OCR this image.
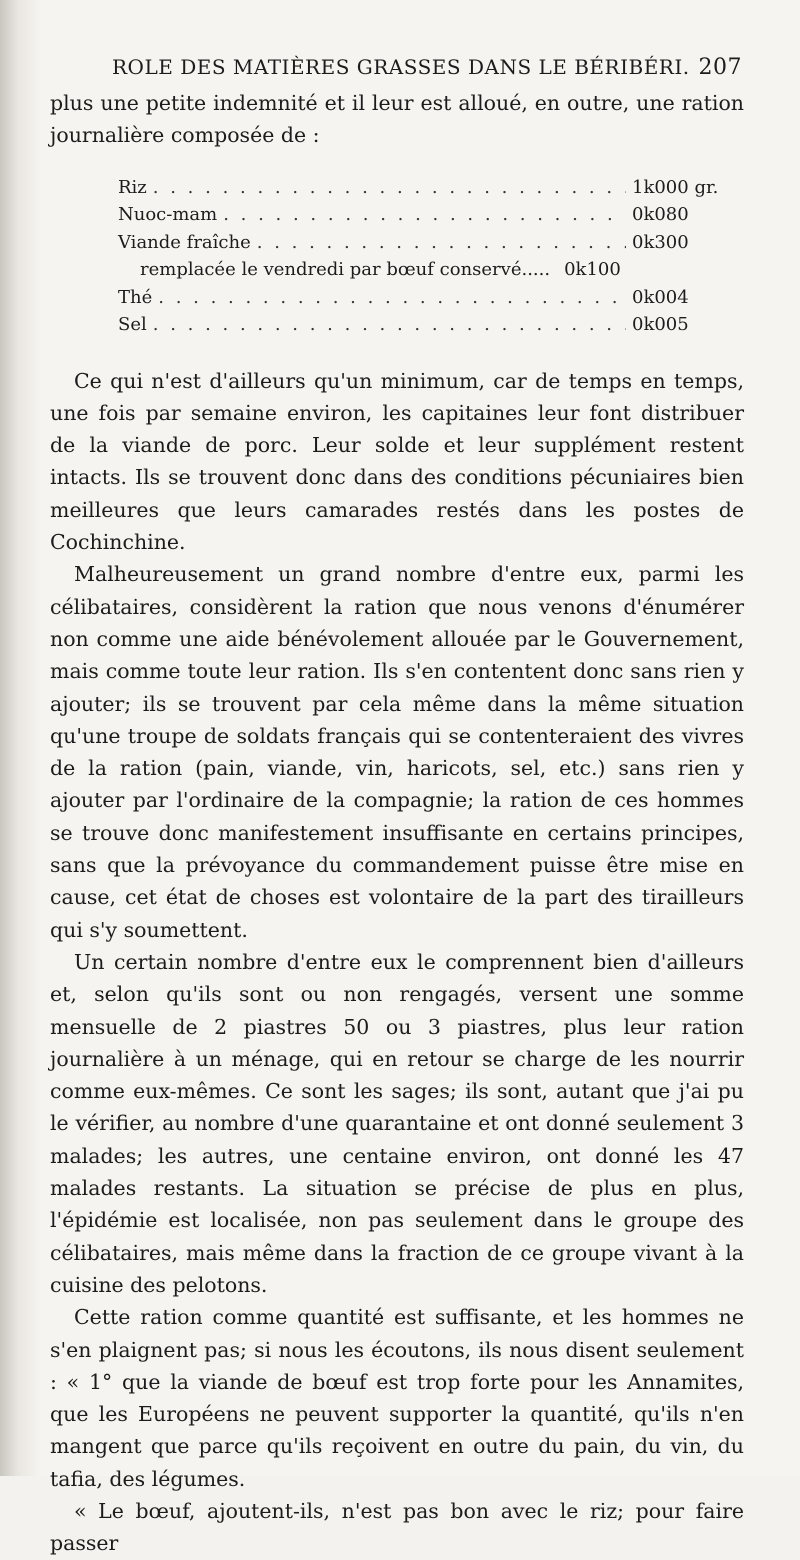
ROLE DES MATIÈRES GRASSES DANS LE BÉRIBÉRI. 207

plus une petite indemnité et il leur est alloué, en outre, une ration journalière composée de :

Riz . . .	1k000 gr.
Nuoc-mam . . .	0k080
Viande fraîche . . .	0k300
remplacée le vendredi par bœuf conservé..... 0k100
Thé . . .	0k004
Sel . . .	0k005

Ce qui n'est d'ailleurs qu'un minimum, car de temps en temps, une fois par semaine environ, les capitaines leur font distribuer de la viande de porc. Leur solde et leur supplément restent intacts. Ils se trouvent donc dans des conditions pécuniaires bien meilleures que leurs camarades restés dans les postes de Cochinchine.

Malheureusement un grand nombre d'entre eux, parmi les célibataires, considèrent la ration que nous venons d'énumérer non comme une aide bénévolement allouée par le Gouvernement, mais comme toute leur ration. Ils s'en contentent donc sans rien y ajouter; ils se trouvent par cela même dans la même situation qu'une troupe de soldats français qui se contenteraient des vivres de la ration (pain, viande, vin, haricots, sel, etc.) sans rien y ajouter par l'ordinaire de la compagnie; la ration de ces hommes se trouve donc manifestement insuffisante en certains principes, sans que la prévoyance du commandement puisse être mise en cause, cet état de choses est volontaire de la part des tirailleurs qui s'y soumettent.

Un certain nombre d'entre eux le comprennent bien d'ailleurs et, selon qu'ils sont ou non rengagés, versent une somme mensuelle de 2 piastres 50 ou 3 piastres, plus leur ration journalière à un ménage, qui en retour se charge de les nourrir comme eux-mêmes. Ce sont les sages; ils sont, autant que j'ai pu le vérifier, au nombre d'une quarantaine et ont donné seulement 3 malades; les autres, une centaine environ, ont donné les 47 malades restants. La situation se précise de plus en plus, l'épidémie est localisée, non pas seulement dans le groupe des célibataires, mais même dans la fraction de ce groupe vivant à la cuisine des pelotons.

Cette ration comme quantité est suffisante, et les hommes ne s'en plaignent pas; si nous les écoutons, ils nous disent seulement : « 1° que la viande de bœuf est trop forte pour les Annamites, que les Européens ne peuvent supporter la quantité, qu'ils n'en mangent que parce qu'ils reçoivent en outre du pain, du vin, du tafia, des légumes.

« Le bœuf, ajoutent-ils, n'est pas bon avec le riz; pour faire passer
